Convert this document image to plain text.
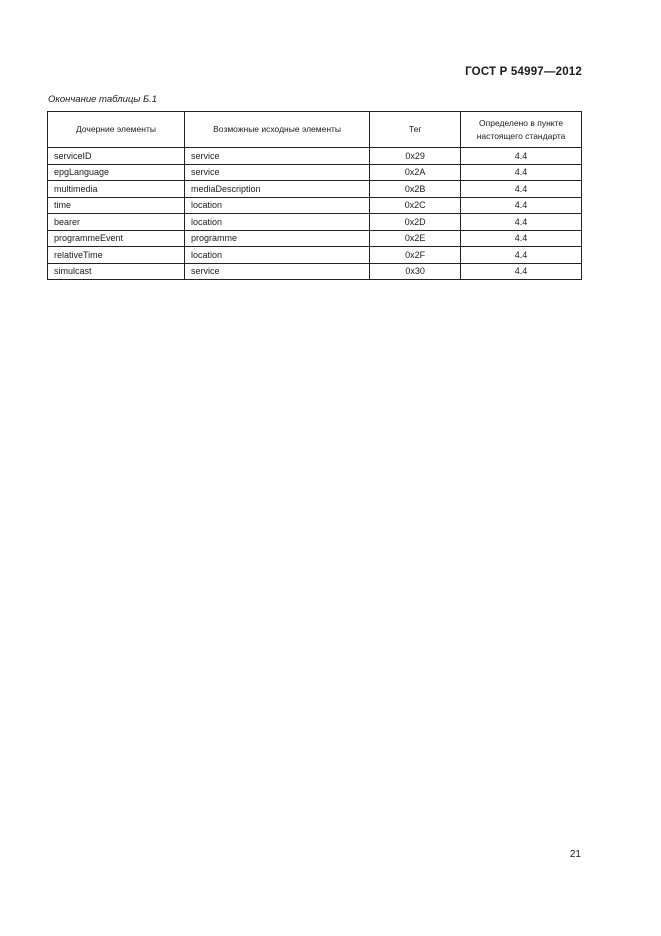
ГОСТ Р 54997—2012
Окончание таблицы Б.1
Дочерние элементы	Возможные исходные элементы	Тег	Определено в пункте настоящего стандарта
serviceID	service	0x29	4.4
epgLanguage	service	0x2A	4.4
multimedia	mediaDescription	0x2B	4.4
time	location	0x2C	4.4
bearer	location	0x2D	4.4
programmeEvent	programme	0x2E	4.4
relativeTime	location	0x2F	4.4
simulcast	service	0x30	4.4
21
